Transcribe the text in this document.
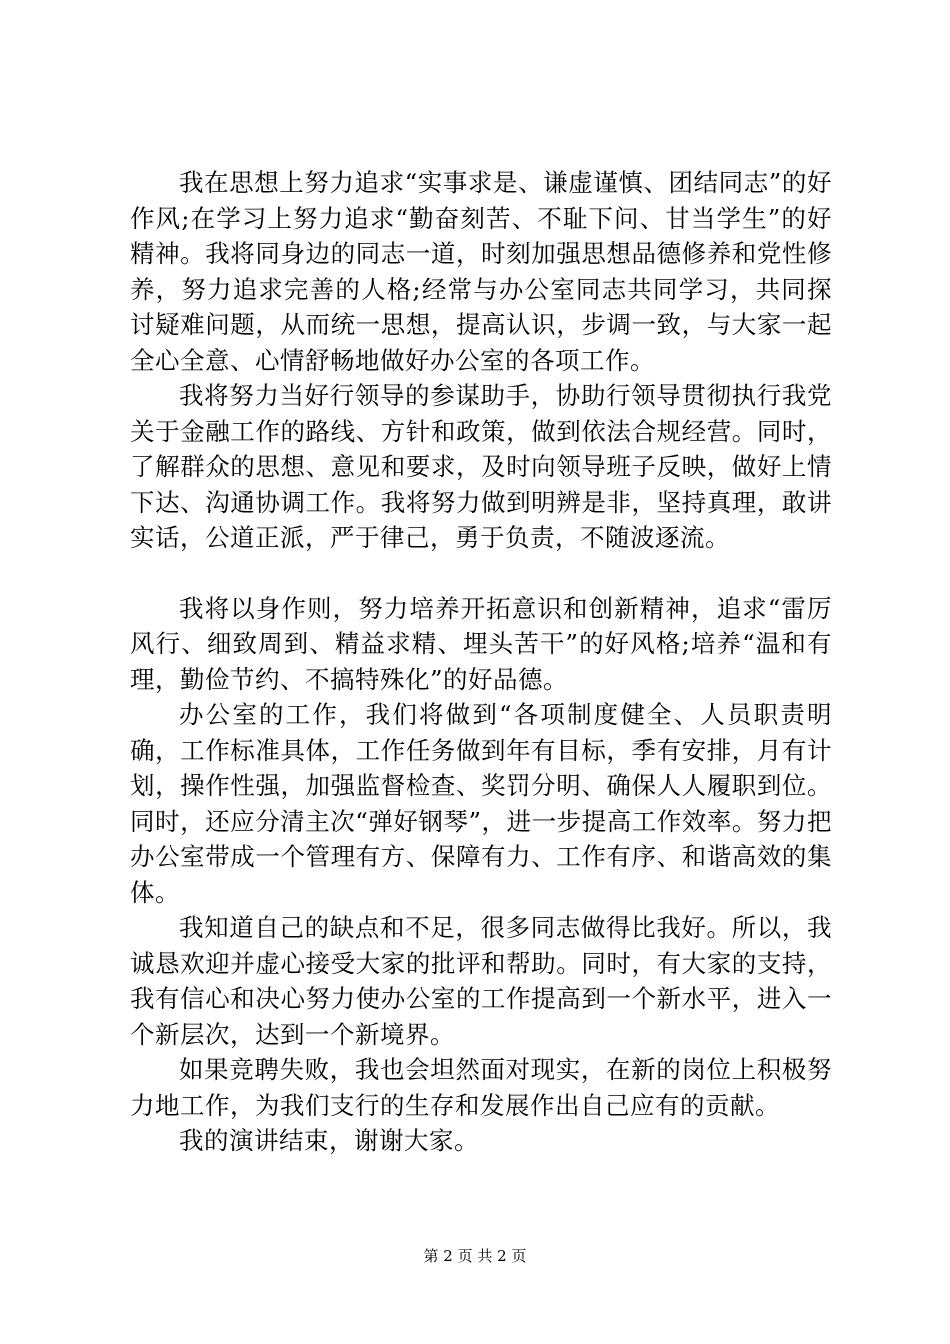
我在思想上努力追求“实事求是、谦虚谨慎、团结同志”的好作风;在学习上努力追求“勤奋刻苦、不耻下问、甘当学生”的好精神。我将同身边的同志一道，时刻加强思想品德修养和党性修养，努力追求完善的人格;经常与办公室同志共同学习，共同探讨疑难问题，从而统一思想，提高认识，步调一致，与大家一起全心全意、心情舒畅地做好办公室的各项工作。

我将努力当好行领导的参谋助手，协助行领导贯彻执行我党关于金融工作的路线、方针和政策，做到依法合规经营。同时，了解群众的思想、意见和要求，及时向领导班子反映，做好上情下达、沟通协调工作。我将努力做到明辨是非，坚持真理，敢讲实话，公道正派，严于律己，勇于负责，不随波逐流。

我将以身作则，努力培养开拓意识和创新精神，追求“雷厉风行、细致周到、精益求精、埋头苦干”的好风格;培养“温和有理，勤俭节约、不搞特殊化”的好品德。

办公室的工作，我们将做到“各项制度健全、人员职责明确，工作标准具体，工作任务做到年有目标，季有安排，月有计划，操作性强，加强监督检查、奖罚分明、确保人人履职到位。同时，还应分清主次“弹好钢琴”，进一步提高工作效率。努力把办公室带成一个管理有方、保障有力、工作有序、和谐高效的集体。

我知道自己的缺点和不足，很多同志做得比我好。所以，我诚恳欢迎并虚心接受大家的批评和帮助。同时，有大家的支持，我有信心和决心努力使办公室的工作提高到一个新水平，进入一个新层次，达到一个新境界。

如果竞聘失败，我也会坦然面对现实，在新的岗位上积极努力地工作，为我们支行的生存和发展作出自己应有的贡献。

我的演讲结束，谢谢大家。

第 2 页 共 2 页
